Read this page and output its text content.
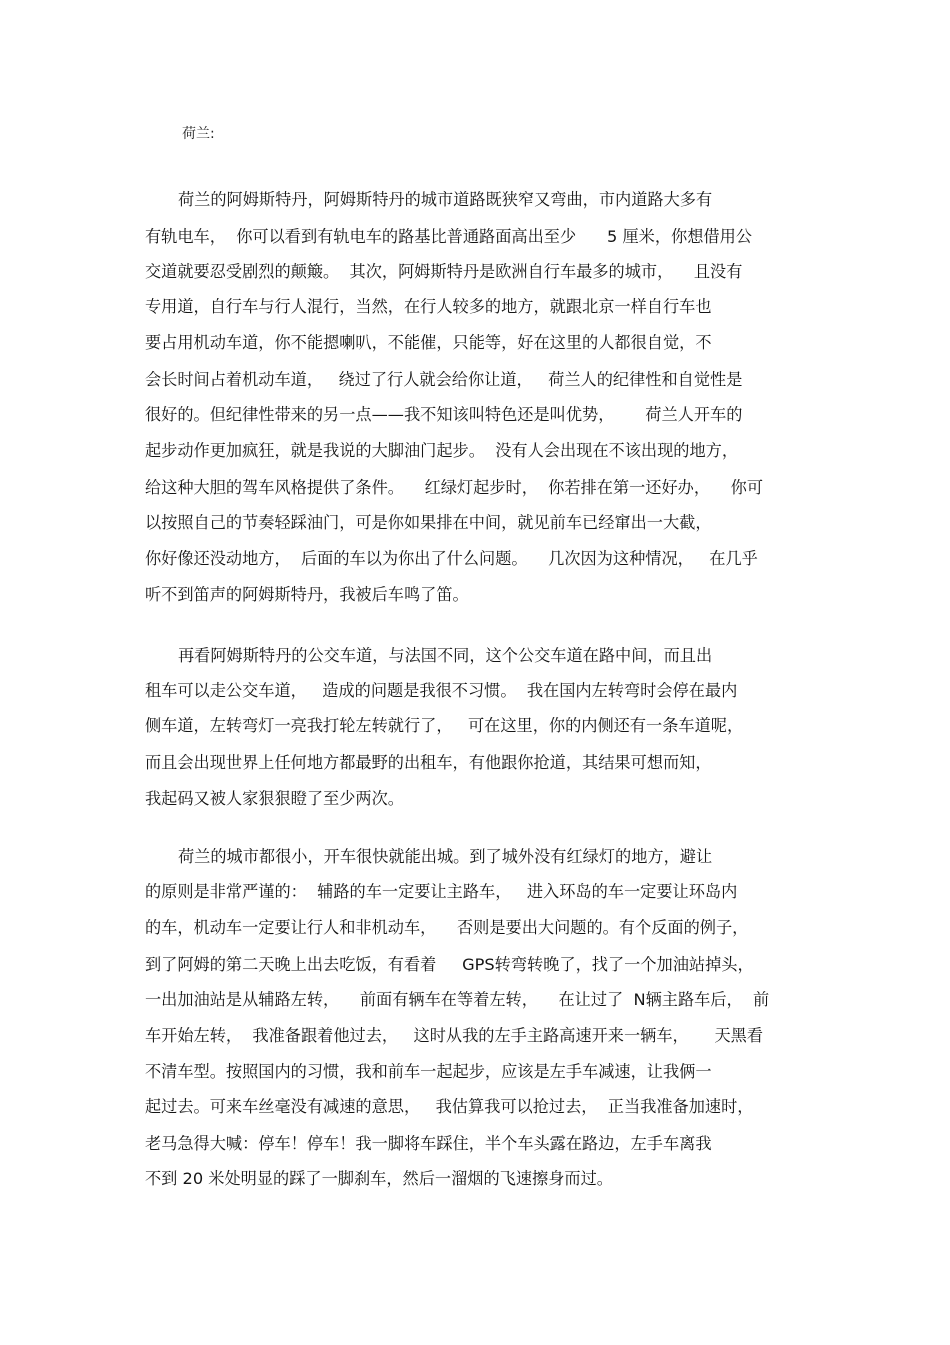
荷兰:
荷兰的阿姆斯特丹，阿姆斯特丹的城市道路既狭窄又弯曲，市内道路大多有
有轨电车，  你可以看到有轨电车的路基比普通路面高出至少      5 厘米，你想借用公
交道就要忍受剧烈的颠簸。  其次，阿姆斯特丹是欧洲自行车最多的城市，    且没有
专用道，自行车与行人混行，当然，在行人较多的地方，就跟北京一样自行车也
要占用机动车道，你不能摁喇叭，不能催，只能等，好在这里的人都很自觉，不
会长时间占着机动车道，   绕过了行人就会给你让道，   荷兰人的纪律性和自觉性是
很好的。但纪律性带来的另一点——我不知该叫特色还是叫优势，      荷兰人开车的
起步动作更加疯狂，就是我说的大脚油门起步。  没有人会出现在不该出现的地方，
给这种大胆的驾车风格提供了条件。    红绿灯起步时，  你若排在第一还好办，    你可
以按照自己的节奏轻踩油门，可是你如果排在中间，就见前车已经窜出一大截，
你好像还没动地方，  后面的车以为你出了什么问题。    几次因为这种情况，   在几乎
听不到笛声的阿姆斯特丹，我被后车鸣了笛。
再看阿姆斯特丹的公交车道，与法国不同，这个公交车道在路中间，而且出
租车可以走公交车道，   造成的问题是我很不习惯。  我在国内左转弯时会停在最内
侧车道，左转弯灯一亮我打轮左转就行了，   可在这里，你的内侧还有一条车道呢，
而且会出现世界上任何地方都最野的出租车，有他跟你抢道，其结果可想而知，
我起码又被人家狠狠瞪了至少两次。
荷兰的城市都很小，开车很快就能出城。到了城外没有红绿灯的地方，避让
的原则是非常严谨的：  辅路的车一定要让主路车，   进入环岛的车一定要让环岛内
的车，机动车一定要让行人和非机动车，    否则是要出大问题的。有个反面的例子，
到了阿姆的第二天晚上出去吃饭，有看着     GPS转弯转晚了，找了一个加油站掉头，
一出加油站是从辅路左转，    前面有辆车在等着左转，    在让过了  N辆主路车后，  前
车开始左转，  我准备跟着他过去，   这时从我的左手主路高速开来一辆车，     天黑看
不清车型。按照国内的习惯，我和前车一起起步，应该是左手车减速，让我俩一
起过去。可来车丝毫没有减速的意思，   我估算我可以抢过去，  正当我准备加速时，
老马急得大喊：停车！停车！我一脚将车踩住，半个车头露在路边，左手车离我
不到 20 米处明显的踩了一脚刹车，然后一溜烟的飞速擦身而过。
